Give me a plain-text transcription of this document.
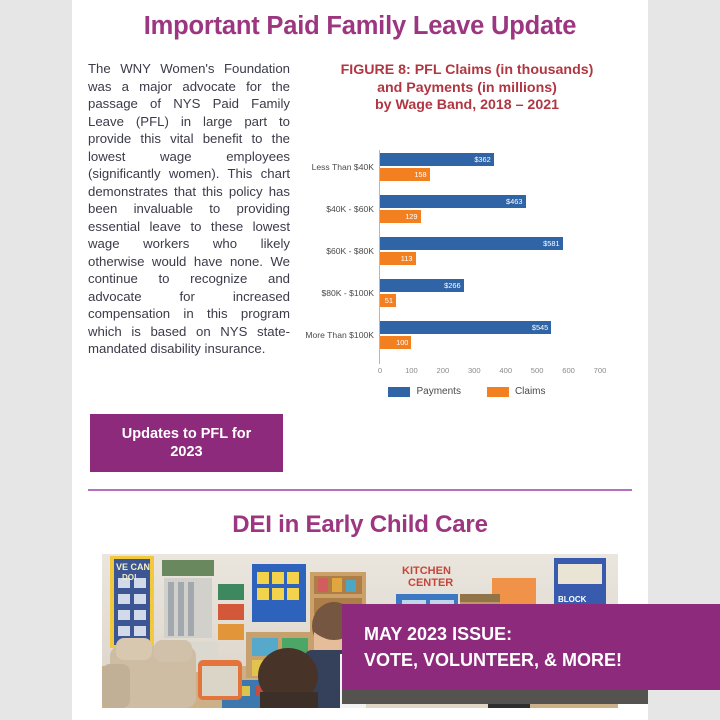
Important Paid Family Leave Update
The WNY Women's Foundation was a major advocate for the passage of NYS Paid Family Leave (PFL) in large part to provide this vital benefit to the lowest wage employees (significantly women). This chart demonstrates that this policy has been invaluable to providing essential leave to these lowest wage workers who likely otherwise would have none. We continue to recognize and advocate for increased compensation in this program which is based on NYS state-mandated disability insurance.
Updates to PFL for
2023
FIGURE 8: PFL Claims (in thousands)
and Payments (in millions)
by Wage Band, 2018 – 2021
0	100 200 300 400 500 600 700
Less Than $40K
$362
158
$40K - $60K
$463
129
$60K - $80K
$581
113
$80K - $100K
$266
51
More Than $100K
$545
100
Payments	Claims
DEI in Early Child Care
VE CAN
DO!
KITCHEN
CENTER
BLOCK
MAY 2023 ISSUE:
VOTE, VOLUNTEER, & MORE!
